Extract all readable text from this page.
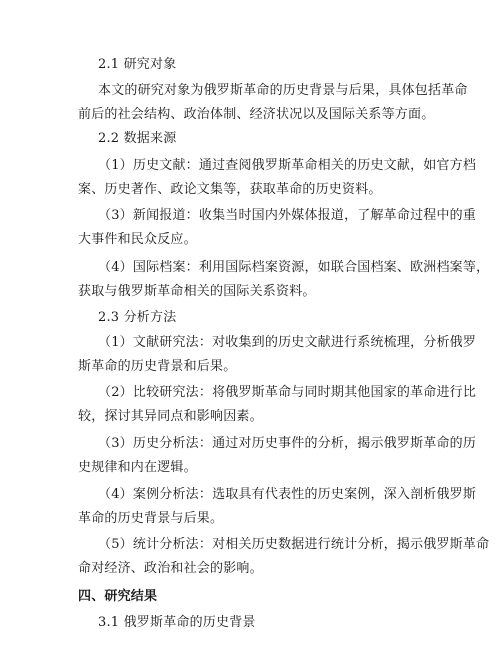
2.1 研究对象
本文的研究对象为俄罗斯革命的历史背景与后果，具体包括革命
前后的社会结构、政治体制、经济状况以及国际关系等方面。
2.2 数据来源
（1）历史文献：通过查阅俄罗斯革命相关的历史文献，如官方档
案、历史著作、政论文集等，获取革命的历史资料。
（3）新闻报道：收集当时国内外媒体报道，了解革命过程中的重
大事件和民众反应。
（4）国际档案：利用国际档案资源，如联合国档案、欧洲档案等，
获取与俄罗斯革命相关的国际关系资料。
2.3 分析方法
（1）文献研究法：对收集到的历史文献进行系统梳理，分析俄罗
斯革命的历史背景和后果。
（2）比较研究法：将俄罗斯革命与同时期其他国家的革命进行比
较，探讨其异同点和影响因素。
（3）历史分析法：通过对历史事件的分析，揭示俄罗斯革命的历
史规律和内在逻辑。
（4）案例分析法：选取具有代表性的历史案例，深入剖析俄罗斯
革命的历史背景与后果。
（5）统计分析法：对相关历史数据进行统计分析，揭示俄罗斯革命
命对经济、政治和社会的影响。
四、研究结果
3.1 俄罗斯革命的历史背景
